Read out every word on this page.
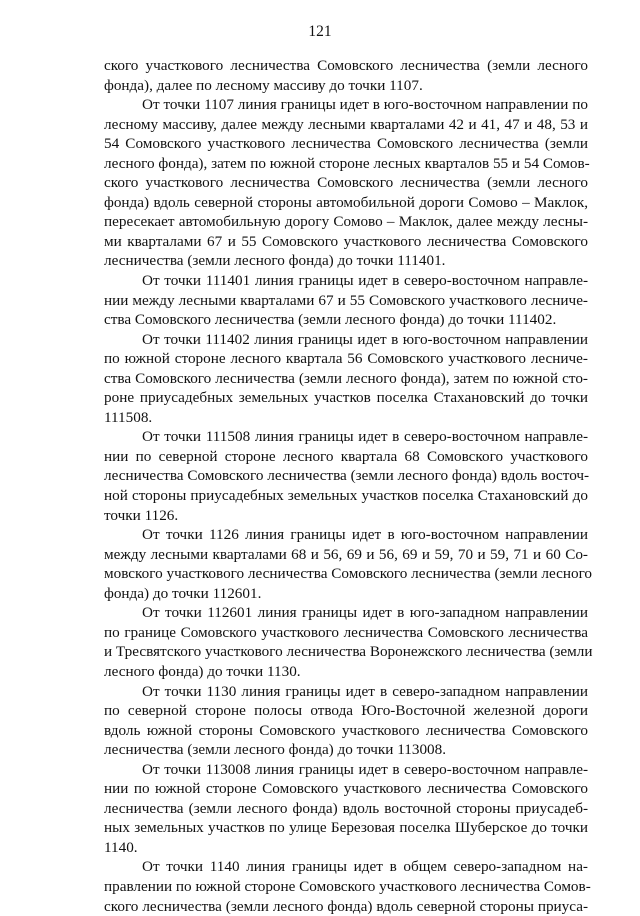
121
ского участкового лесничества Сомовского лесничества (земли лесного
фонда), далее по лесному массиву до точки 1107.
От точки 1107 линия границы идет в юго-восточном направлении по
лесному массиву, далее между лесными кварталами 42 и 41, 47 и 48, 53 и
54 Сомовского участкового лесничества Сомовского лесничества (земли
лесного фонда), затем по южной стороне лесных кварталов 55 и 54 Сомов-
ского участкового лесничества Сомовского лесничества (земли лесного
фонда) вдоль северной стороны автомобильной дороги Сомово – Маклок,
пересекает автомобильную дорогу Сомово – Маклок, далее между лесны-
ми кварталами 67 и 55 Сомовского участкового лесничества Сомовского
лесничества (земли лесного фонда) до точки 111401.
От точки 111401 линия границы идет в северо-восточном направле-
нии между лесными кварталами 67 и 55 Сомовского участкового лесниче-
ства Сомовского лесничества (земли лесного фонда) до точки 111402.
От точки 111402 линия границы идет в юго-восточном направлении
по южной стороне лесного квартала 56 Сомовского участкового лесниче-
ства Сомовского лесничества (земли лесного фонда), затем по южной сто-
роне приусадебных земельных участков поселка Стахановский до точки
111508.
От точки 111508 линия границы идет в северо-восточном направле-
нии по северной стороне лесного квартала 68 Сомовского участкового
лесничества Сомовского лесничества (земли лесного фонда) вдоль восточ-
ной стороны приусадебных земельных участков поселка Стахановский до
точки 1126.
От точки 1126 линия границы идет в юго-восточном направлении
между лесными кварталами 68 и 56, 69 и 56, 69 и 59, 70 и 59, 71 и 60 Со-
мовского участкового лесничества Сомовского лесничества (земли лесного
фонда) до точки 112601.
От точки 112601 линия границы идет в юго-западном направлении
по границе Сомовского участкового лесничества Сомовского лесничества
и Тресвятского участкового лесничества Воронежского лесничества (земли
лесного фонда) до точки 1130.
От точки 1130 линия границы идет в северо-западном направлении
по северной стороне полосы отвода Юго-Восточной железной дороги
вдоль южной стороны Сомовского участкового лесничества Сомовского
лесничества (земли лесного фонда) до точки 113008.
От точки 113008 линия границы идет в северо-восточном направле-
нии по южной стороне Сомовского участкового лесничества Сомовского
лесничества (земли лесного фонда) вдоль восточной стороны приусадеб-
ных земельных участков по улице Березовая поселка Шуберское до точки
1140.
От точки 1140 линия границы идет в общем северо-западном на-
правлении по южной стороне Сомовского участкового лесничества Сомов-
ского лесничества (земли лесного фонда) вдоль северной стороны приуса-
